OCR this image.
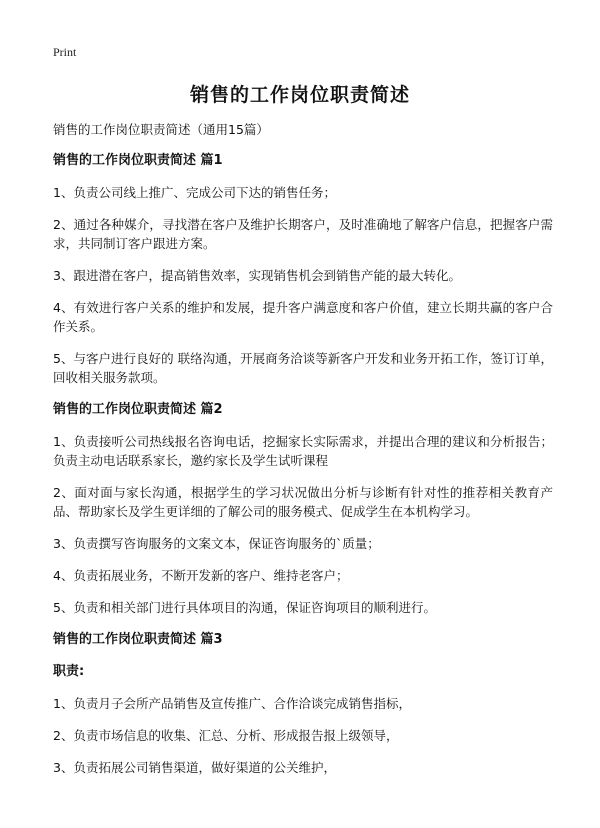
Print
销售的工作岗位职责简述

销售的工作岗位职责简述（通用15篇）

销售的工作岗位职责简述 篇1

1、负责公司线上推广、完成公司下达的销售任务；

2、通过各种媒介，寻找潜在客户及维护长期客户，及时准确地了解客户信息，把握客户需求，共同制订客户跟进方案。

3、跟进潜在客户，提高销售效率，实现销售机会到销售产能的最大转化。

4、有效进行客户关系的维护和发展，提升客户满意度和客户价值，建立长期共赢的客户合作关系。

5、与客户进行良好的 联络沟通，开展商务洽谈等新客户开发和业务开拓工作，签订订单，回收相关服务款项。

销售的工作岗位职责简述 篇2

1、负责接听公司热线报名咨询电话，挖掘家长实际需求，并提出合理的建议和分析报告；负责主动电话联系家长，邀约家长及学生试听课程

2、面对面与家长沟通，根据学生的学习状况做出分析与诊断有针对性的推荐相关教育产品、帮助家长及学生更详细的了解公司的服务模式、促成学生在本机构学习。

3、负责撰写咨询服务的文案文本，保证咨询服务的`质量；

4、负责拓展业务，不断开发新的客户、维持老客户；

5、负责和相关部门进行具体项目的沟通，保证咨询项目的顺利进行。

销售的工作岗位职责简述 篇3

职责:

1、负责月子会所产品销售及宣传推广、合作洽谈完成销售指标，

2、负责市场信息的收集、汇总、分析、形成报告报上级领导，

3、负责拓展公司销售渠道，做好渠道的公关维护，
